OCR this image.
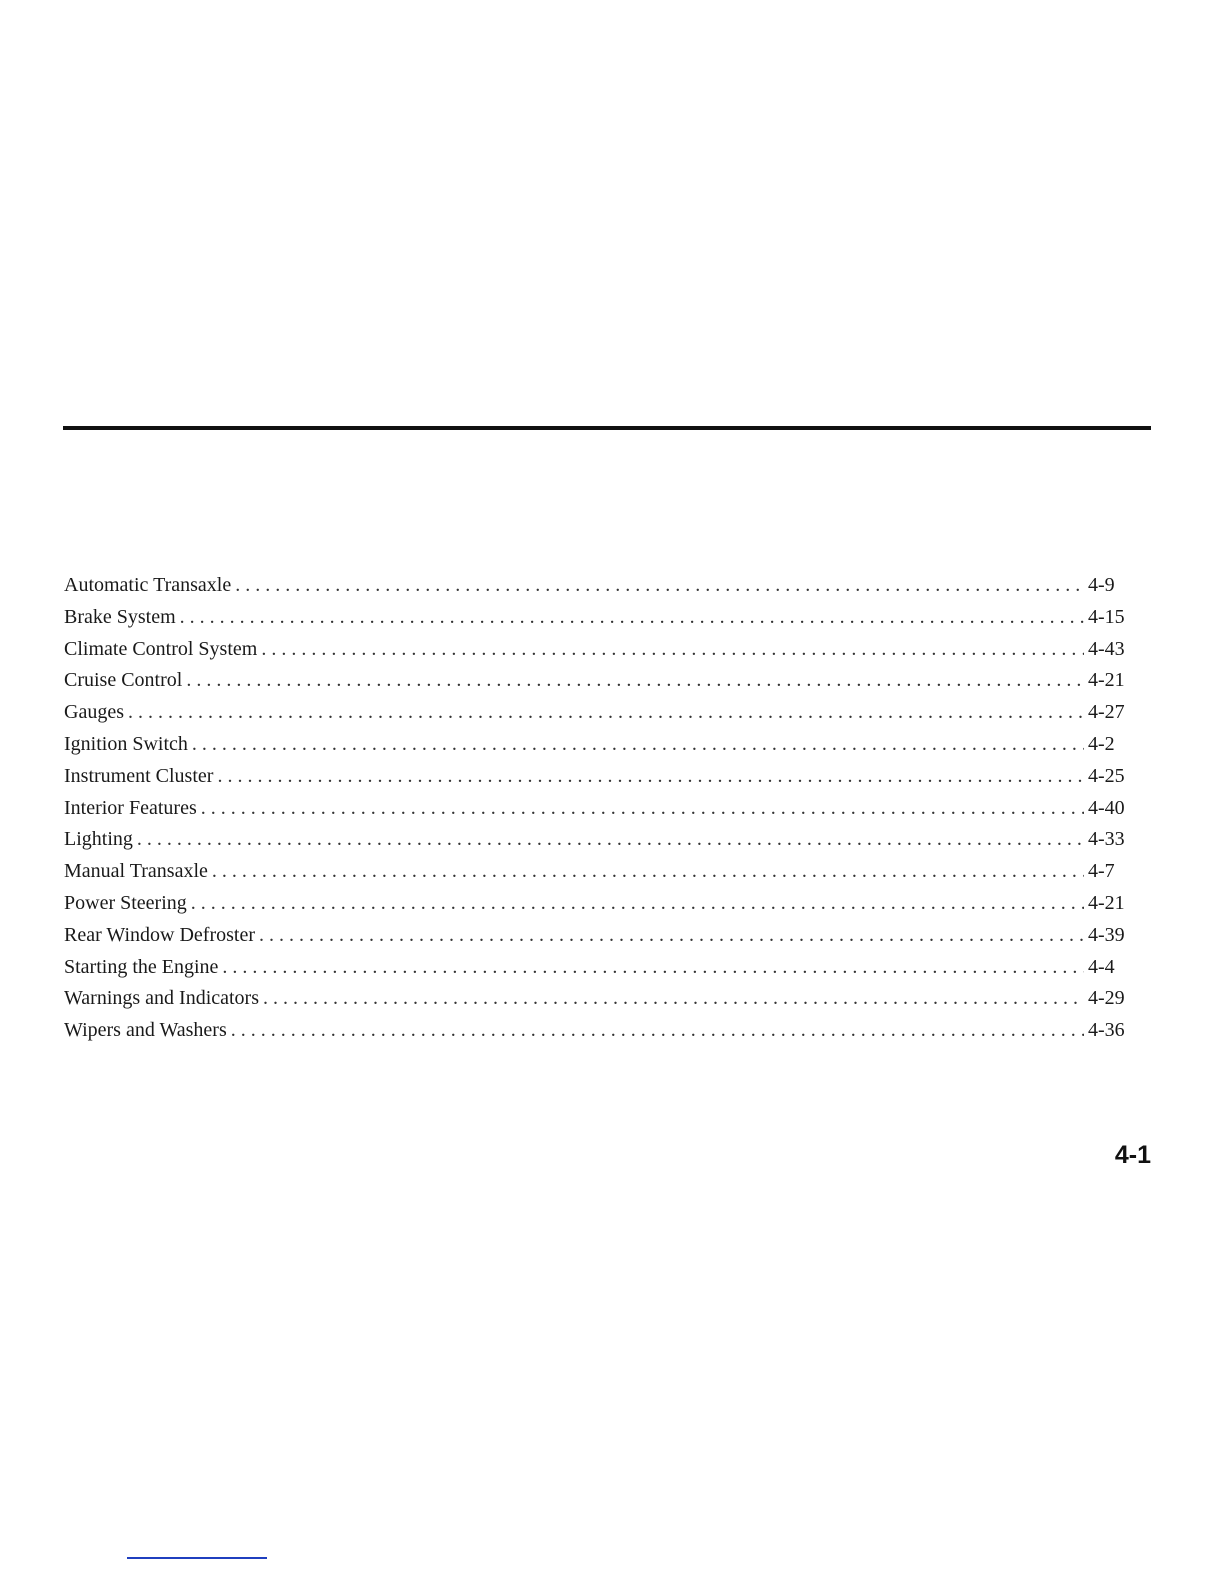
Automatic Transaxle . . .	4-9
Brake System . . .	4-15
Climate Control System . . .	4-43
Cruise Control . . .	4-21
Gauges . . .	4-27
Ignition Switch . . .	4-2
Instrument Cluster . . .	4-25
Interior Features . . .	4-40
Lighting . . .	4-33
Manual Transaxle . . .	4-7
Power Steering . . .	4-21
Rear Window Defroster . . .	4-39
Starting the Engine . . .	4-4
Warnings and Indicators . . .	4-29
Wipers and Washers . . .	4-36
4-1
